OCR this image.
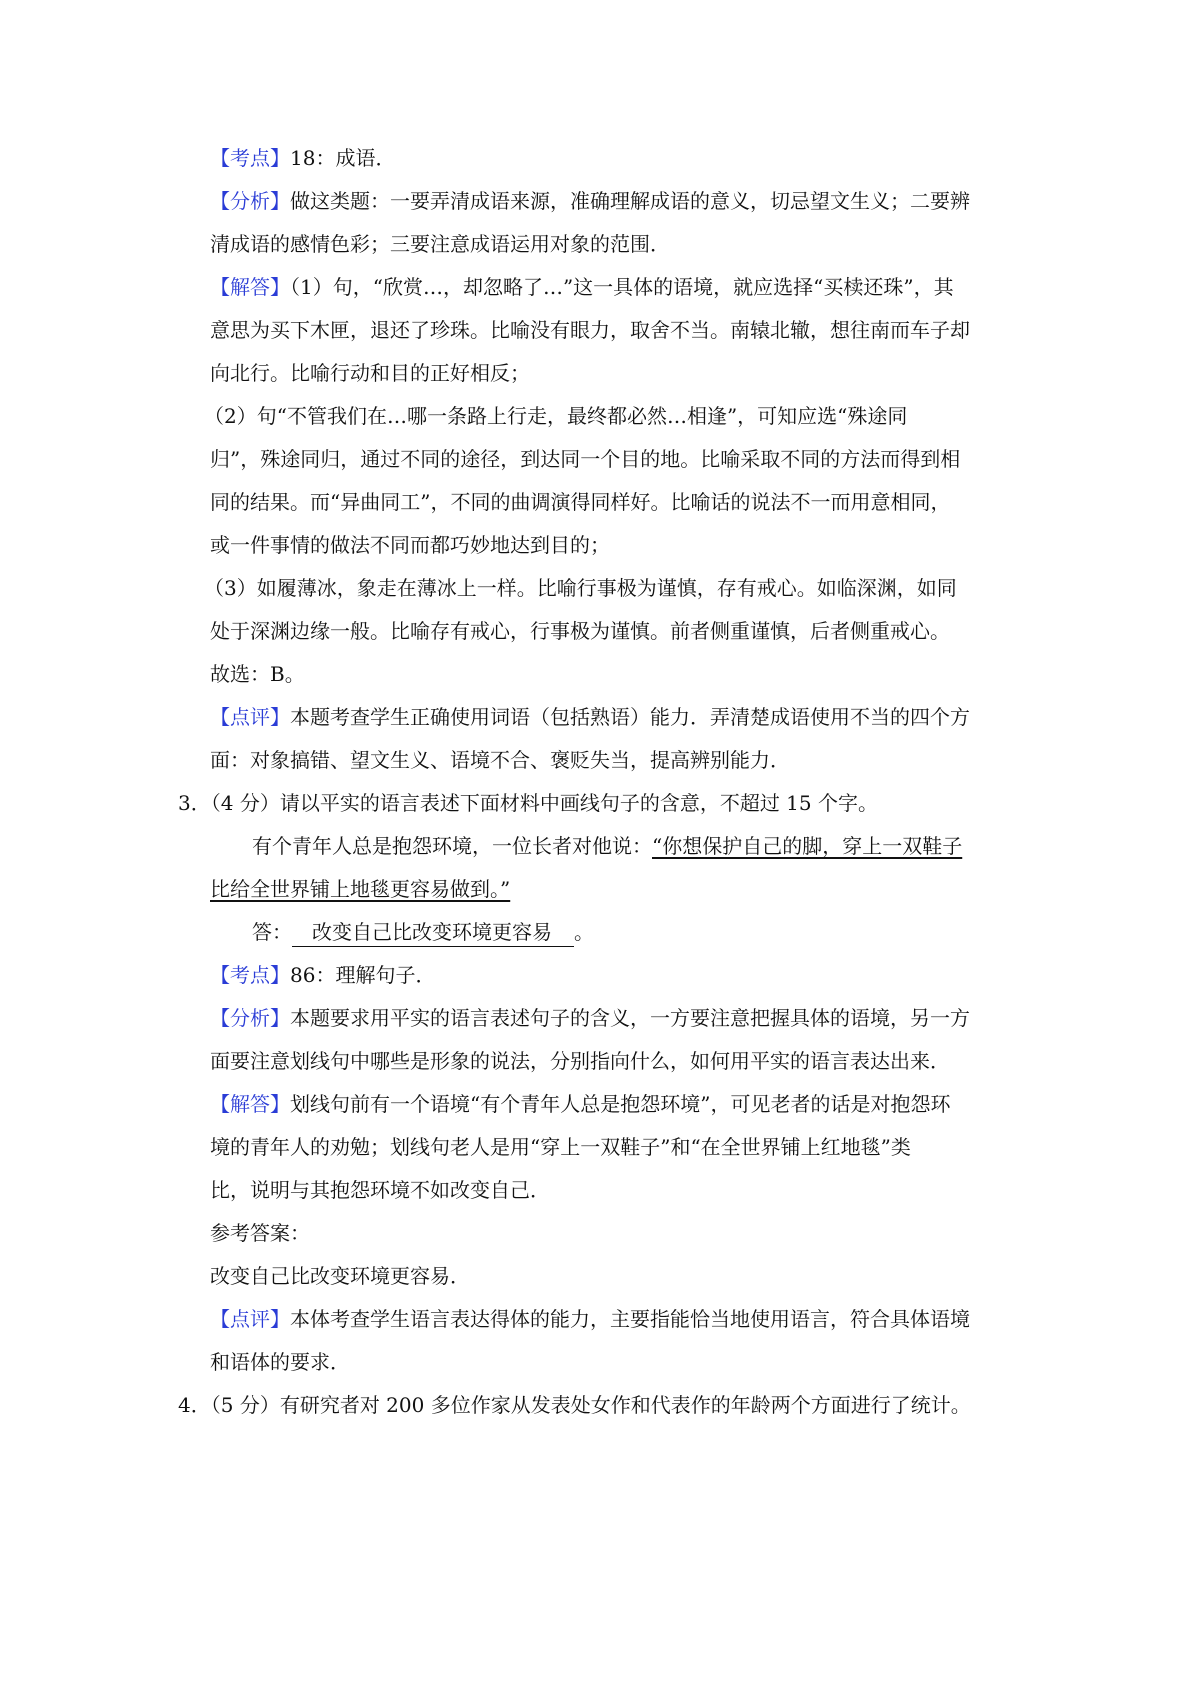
【考点】18：成语．
【分析】做这类题：一要弄清成语来源，准确理解成语的意义，切忌望文生义；二要辨
清成语的感情色彩；三要注意成语运用对象的范围．
【解答】（1）句，“欣赏…，却忽略了…”这一具体的语境，就应选择“买椟还珠”，其
意思为买下木匣，退还了珍珠。比喻没有眼力，取舍不当。南辕北辙，想往南而车子却
向北行。比喻行动和目的正好相反；
（2）句“不管我们在…哪一条路上行走，最终都必然…相逢”，可知应选“殊途同
归”，殊途同归，通过不同的途径，到达同一个目的地。比喻采取不同的方法而得到相
同的结果。而“异曲同工”，不同的曲调演得同样好。比喻话的说法不一而用意相同，
或一件事情的做法不同而都巧妙地达到目的；
（3）如履薄冰，象走在薄冰上一样。比喻行事极为谨慎，存有戒心。如临深渊，如同
处于深渊边缘一般。比喻存有戒心，行事极为谨慎。前者侧重谨慎，后者侧重戒心。
故选：B。
【点评】本题考查学生正确使用词语（包括熟语）能力．弄清楚成语使用不当的四个方
面：对象搞错、望文生义、语境不合、褒贬失当，提高辨别能力．
3．（4 分）请以平实的语言表述下面材料中画线句子的含意，不超过 15 个字。
有个青年人总是抱怨环境，一位长者对他说：“你想保护自己的脚，穿上一双鞋子
比给全世界铺上地毯更容易做到。”
答： 改变自己比改变环境更容易 。
【考点】86：理解句子．
【分析】本题要求用平实的语言表述句子的含义，一方要注意把握具体的语境，另一方
面要注意划线句中哪些是形象的说法，分别指向什么，如何用平实的语言表达出来．
【解答】划线句前有一个语境“有个青年人总是抱怨环境”，可见老者的话是对抱怨环
境的青年人的劝勉；划线句老人是用“穿上一双鞋子”和“在全世界铺上红地毯”类
比，说明与其抱怨环境不如改变自己．
参考答案：
改变自己比改变环境更容易．
【点评】本体考查学生语言表达得体的能力，主要指能恰当地使用语言，符合具体语境
和语体的要求．
4．（5 分）有研究者对 200 多位作家从发表处女作和代表作的年龄两个方面进行了统计。
